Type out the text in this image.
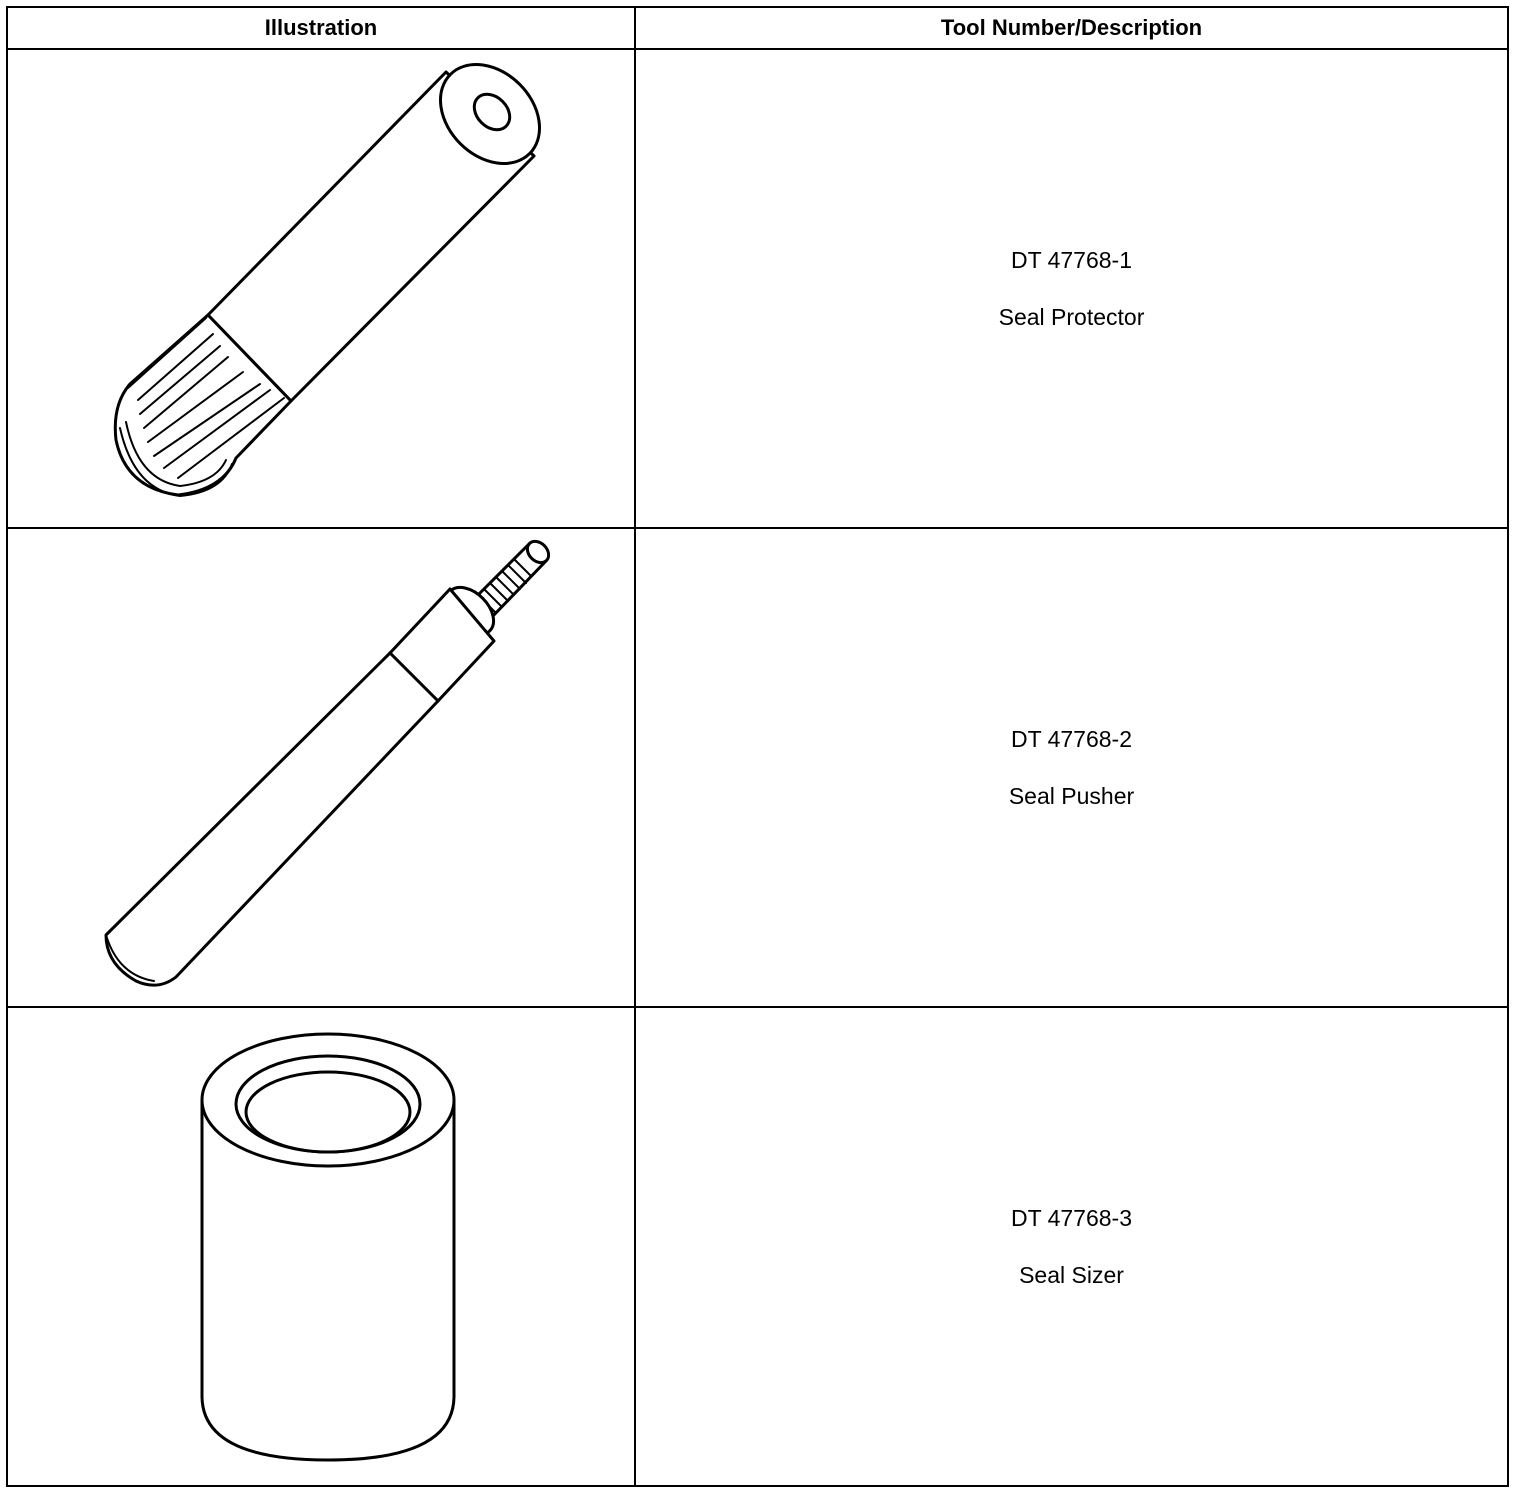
Illustration	Tool Number/Description

DT 47768-1
Seal Protector

DT 47768-2
Seal Pusher

DT 47768-3
Seal Sizer
